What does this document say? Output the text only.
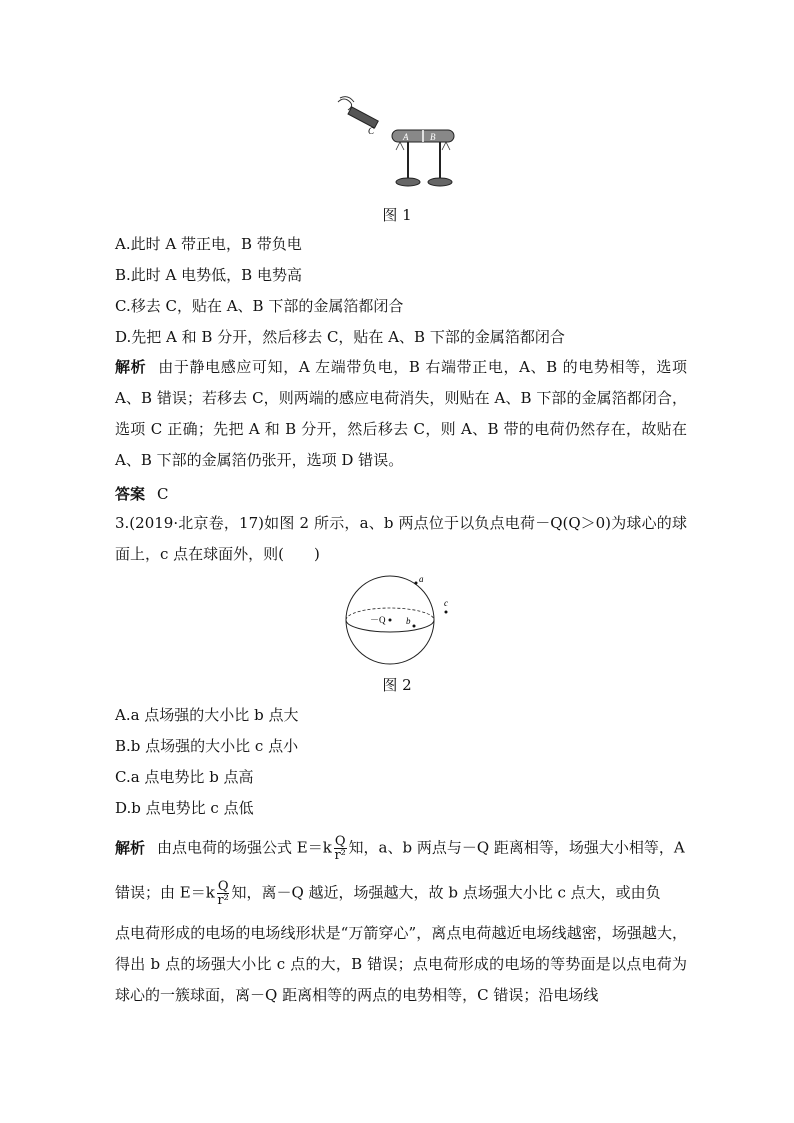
C
A B
图 1
A.此时 A 带正电，B 带负电
B.此时 A 电势低，B 电势高
C.移去 C，贴在 A、B 下部的金属箔都闭合
D.先把 A 和 B 分开，然后移去 C，贴在 A、B 下部的金属箔都闭合
解析 由于静电感应可知，A 左端带负电，B 右端带正电，A、B 的电势相等，选项 A、B 错误；若移去 C，则两端的感应电荷消失，则贴在 A、B 下部的金属箔都闭合，选项 C 正确；先把 A 和 B 分开，然后移去 C，则 A、B 带的电荷仍然存在，故贴在 A、B 下部的金属箔仍张开，选项 D 错误。
答案 C
3.(2019·北京卷，17)如图 2 所示，a、b 两点位于以负点电荷－Q(Q＞0)为球心的球面上，c 点在球面外，则(　　)
－Q
a
b
c
图 2
A.a 点场强的大小比 b 点大
B.b 点场强的大小比 c 点小
C.a 点电势比 b 点高
D.b 点电势比 c 点低
解析 由点电荷的场强公式 $E=k \frac{Q}{\text{r²}}$ 知，a、b 两点与－Q 距离相等，场强大小相等，A
错误；由 $E=k \frac{Q}{\text{r²}}$ 知，离－Q 越近，场强越大，故 b 点场强大小比 c 点大，或由负
点电荷形成的电场的电场线形状是“万箭穿心”，离点电荷越近电场线越密，场强越大，得出 b 点的场强大小比 c 点的大，B 错误；点电荷形成的电场的等势面是以点电荷为球心的一簇球面，离－Q 距离相等的两点的电势相等，C 错误；沿电场线
